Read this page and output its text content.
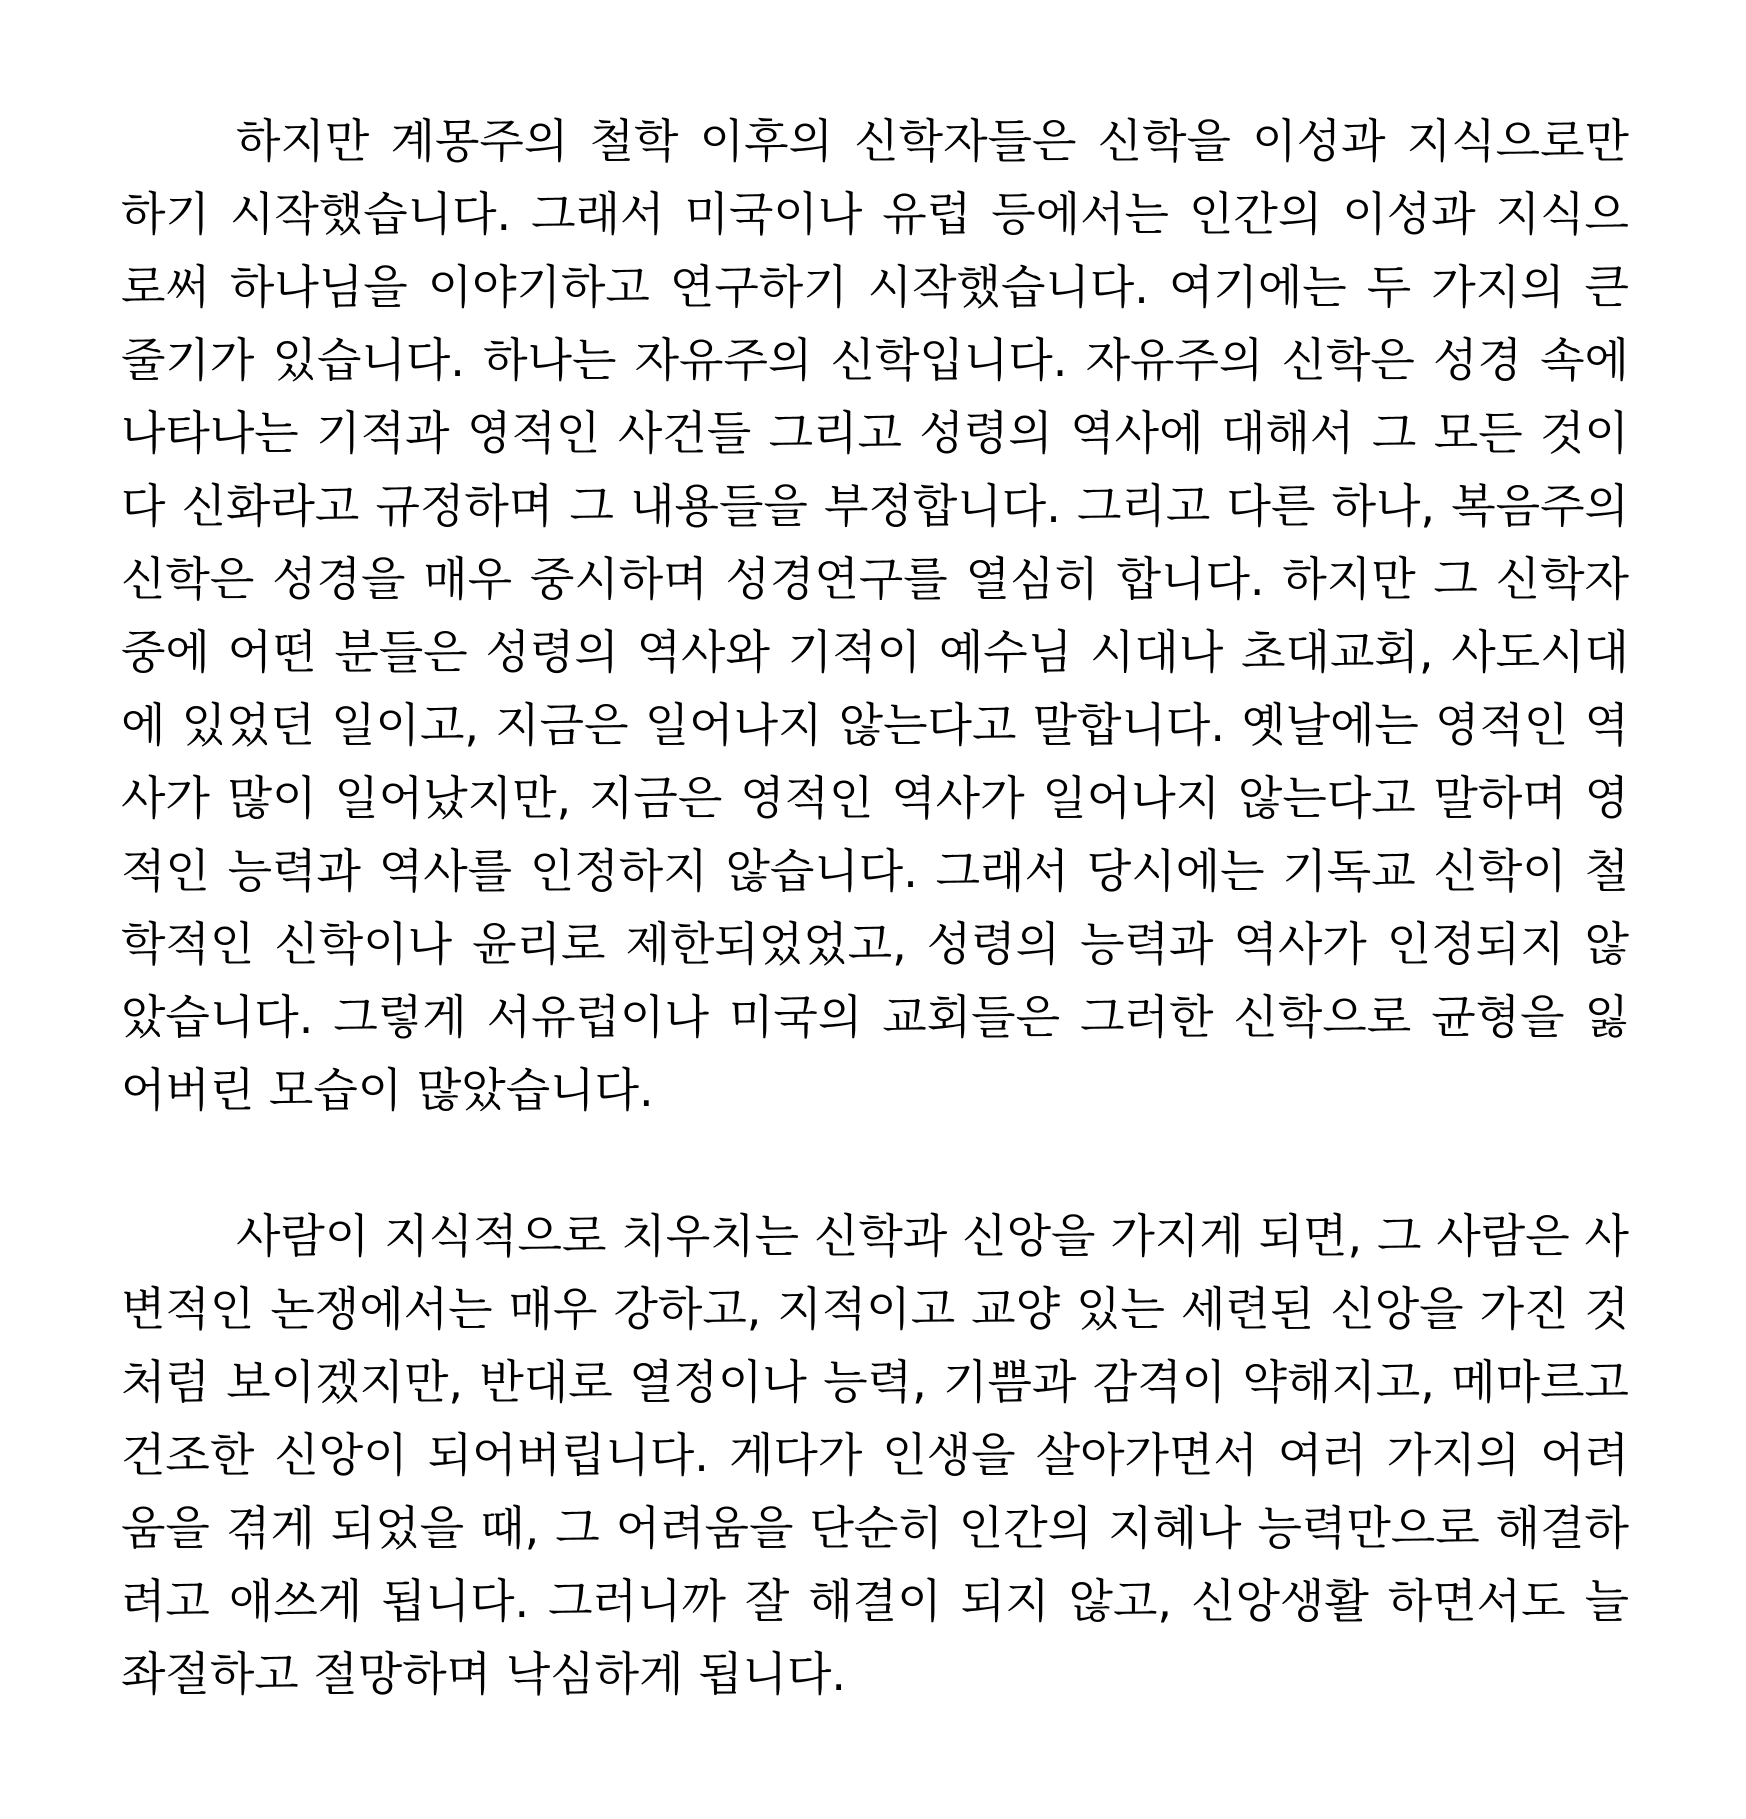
하지만 계몽주의 철학 이후의 신학자들은 신학을 이성과 지식으로만 하기 시작했습니다. 그래서 미국이나 유럽 등에서는 인간의 이성과 지식으로써 하나님을 이야기하고 연구하기 시작했습니다. 여기에는 두 가지의 큰 줄기가 있습니다. 하나는 자유주의 신학입니다. 자유주의 신학은 성경 속에 나타나는 기적과 영적인 사건들 그리고 성령의 역사에 대해서 그 모든 것이 다 신화라고 규정하며 그 내용들을 부정합니다. 그리고 다른 하나, 복음주의 신학은 성경을 매우 중시하며 성경연구를 열심히 합니다. 하지만 그 신학자 중에 어떤 분들은 성령의 역사와 기적이 예수님 시대나 초대교회, 사도시대에 있었던 일이고, 지금은 일어나지 않는다고 말합니다. 옛날에는 영적인 역사가 많이 일어났지만, 지금은 영적인 역사가 일어나지 않는다고 말하며 영적인 능력과 역사를 인정하지 않습니다. 그래서 당시에는 기독교 신학이 철학적인 신학이나 윤리로 제한되었었고, 성령의 능력과 역사가 인정되지 않았습니다. 그렇게 서유럽이나 미국의 교회들은 그러한 신학으로 균형을 잃어버린 모습이 많았습니다.

사람이 지식적으로 치우치는 신학과 신앙을 가지게 되면, 그 사람은 사변적인 논쟁에서는 매우 강하고, 지적이고 교양 있는 세련된 신앙을 가진 것처럼 보이겠지만, 반대로 열정이나 능력, 기쁨과 감격이 약해지고, 메마르고 건조한 신앙이 되어버립니다. 게다가 인생을 살아가면서 여러 가지의 어려움을 겪게 되었을 때, 그 어려움을 단순히 인간의 지혜나 능력만으로 해결하려고 애쓰게 됩니다. 그러니까 잘 해결이 되지 않고, 신앙생활 하면서도 늘 좌절하고 절망하며 낙심하게 됩니다.
